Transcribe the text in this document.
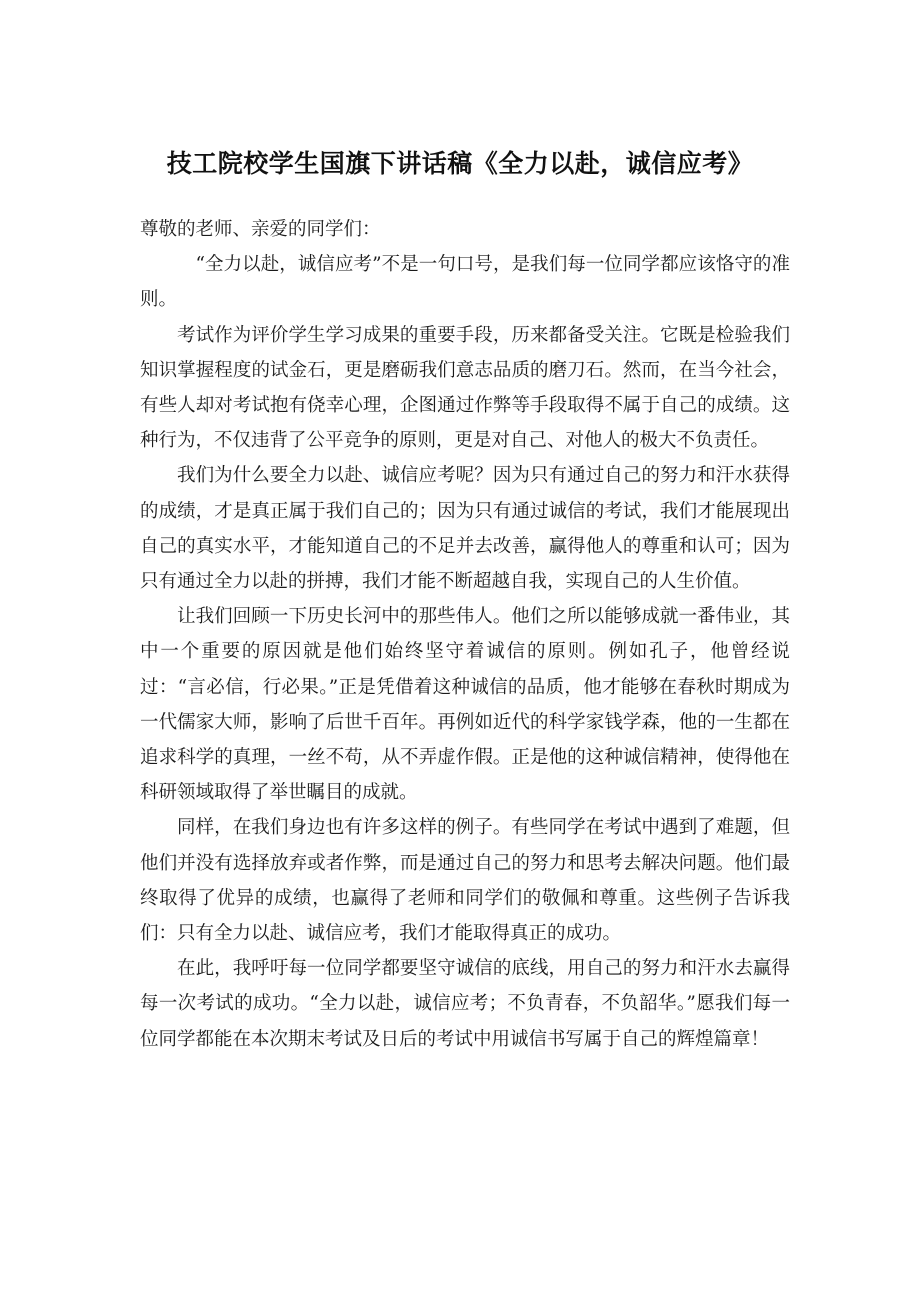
技工院校学生国旗下讲话稿《全力以赴，诚信应考》

尊敬的老师、亲爱的同学们：

“全力以赴，诚信应考”不是一句口号，是我们每一位同学都应该恪守的准则。

考试作为评价学生学习成果的重要手段，历来都备受关注。它既是检验我们知识掌握程度的试金石，更是磨砺我们意志品质的磨刀石。然而，在当今社会，有些人却对考试抱有侥幸心理，企图通过作弊等手段取得不属于自己的成绩。这种行为，不仅违背了公平竞争的原则，更是对自己、对他人的极大不负责任。

我们为什么要全力以赴、诚信应考呢？因为只有通过自己的努力和汗水获得的成绩，才是真正属于我们自己的；因为只有通过诚信的考试，我们才能展现出自己的真实水平，才能知道自己的不足并去改善，赢得他人的尊重和认可；因为只有通过全力以赴的拼搏，我们才能不断超越自我，实现自己的人生价值。

让我们回顾一下历史长河中的那些伟人。他们之所以能够成就一番伟业，其中一个重要的原因就是他们始终坚守着诚信的原则。例如孔子，他曾经说过：“言必信，行必果。”正是凭借着这种诚信的品质，他才能够在春秋时期成为一代儒家大师，影响了后世千百年。再例如近代的科学家钱学森，他的一生都在追求科学的真理，一丝不苟，从不弄虚作假。正是他的这种诚信精神，使得他在科研领域取得了举世瞩目的成就。

同样，在我们身边也有许多这样的例子。有些同学在考试中遇到了难题，但他们并没有选择放弃或者作弊，而是通过自己的努力和思考去解决问题。他们最终取得了优异的成绩，也赢得了老师和同学们的敬佩和尊重。这些例子告诉我们：只有全力以赴、诚信应考，我们才能取得真正的成功。

在此，我呼吁每一位同学都要坚守诚信的底线，用自己的努力和汗水去赢得每一次考试的成功。“全力以赴，诚信应考；不负青春，不负韶华。”愿我们每一位同学都能在本次期末考试及日后的考试中用诚信书写属于自己的辉煌篇章！
